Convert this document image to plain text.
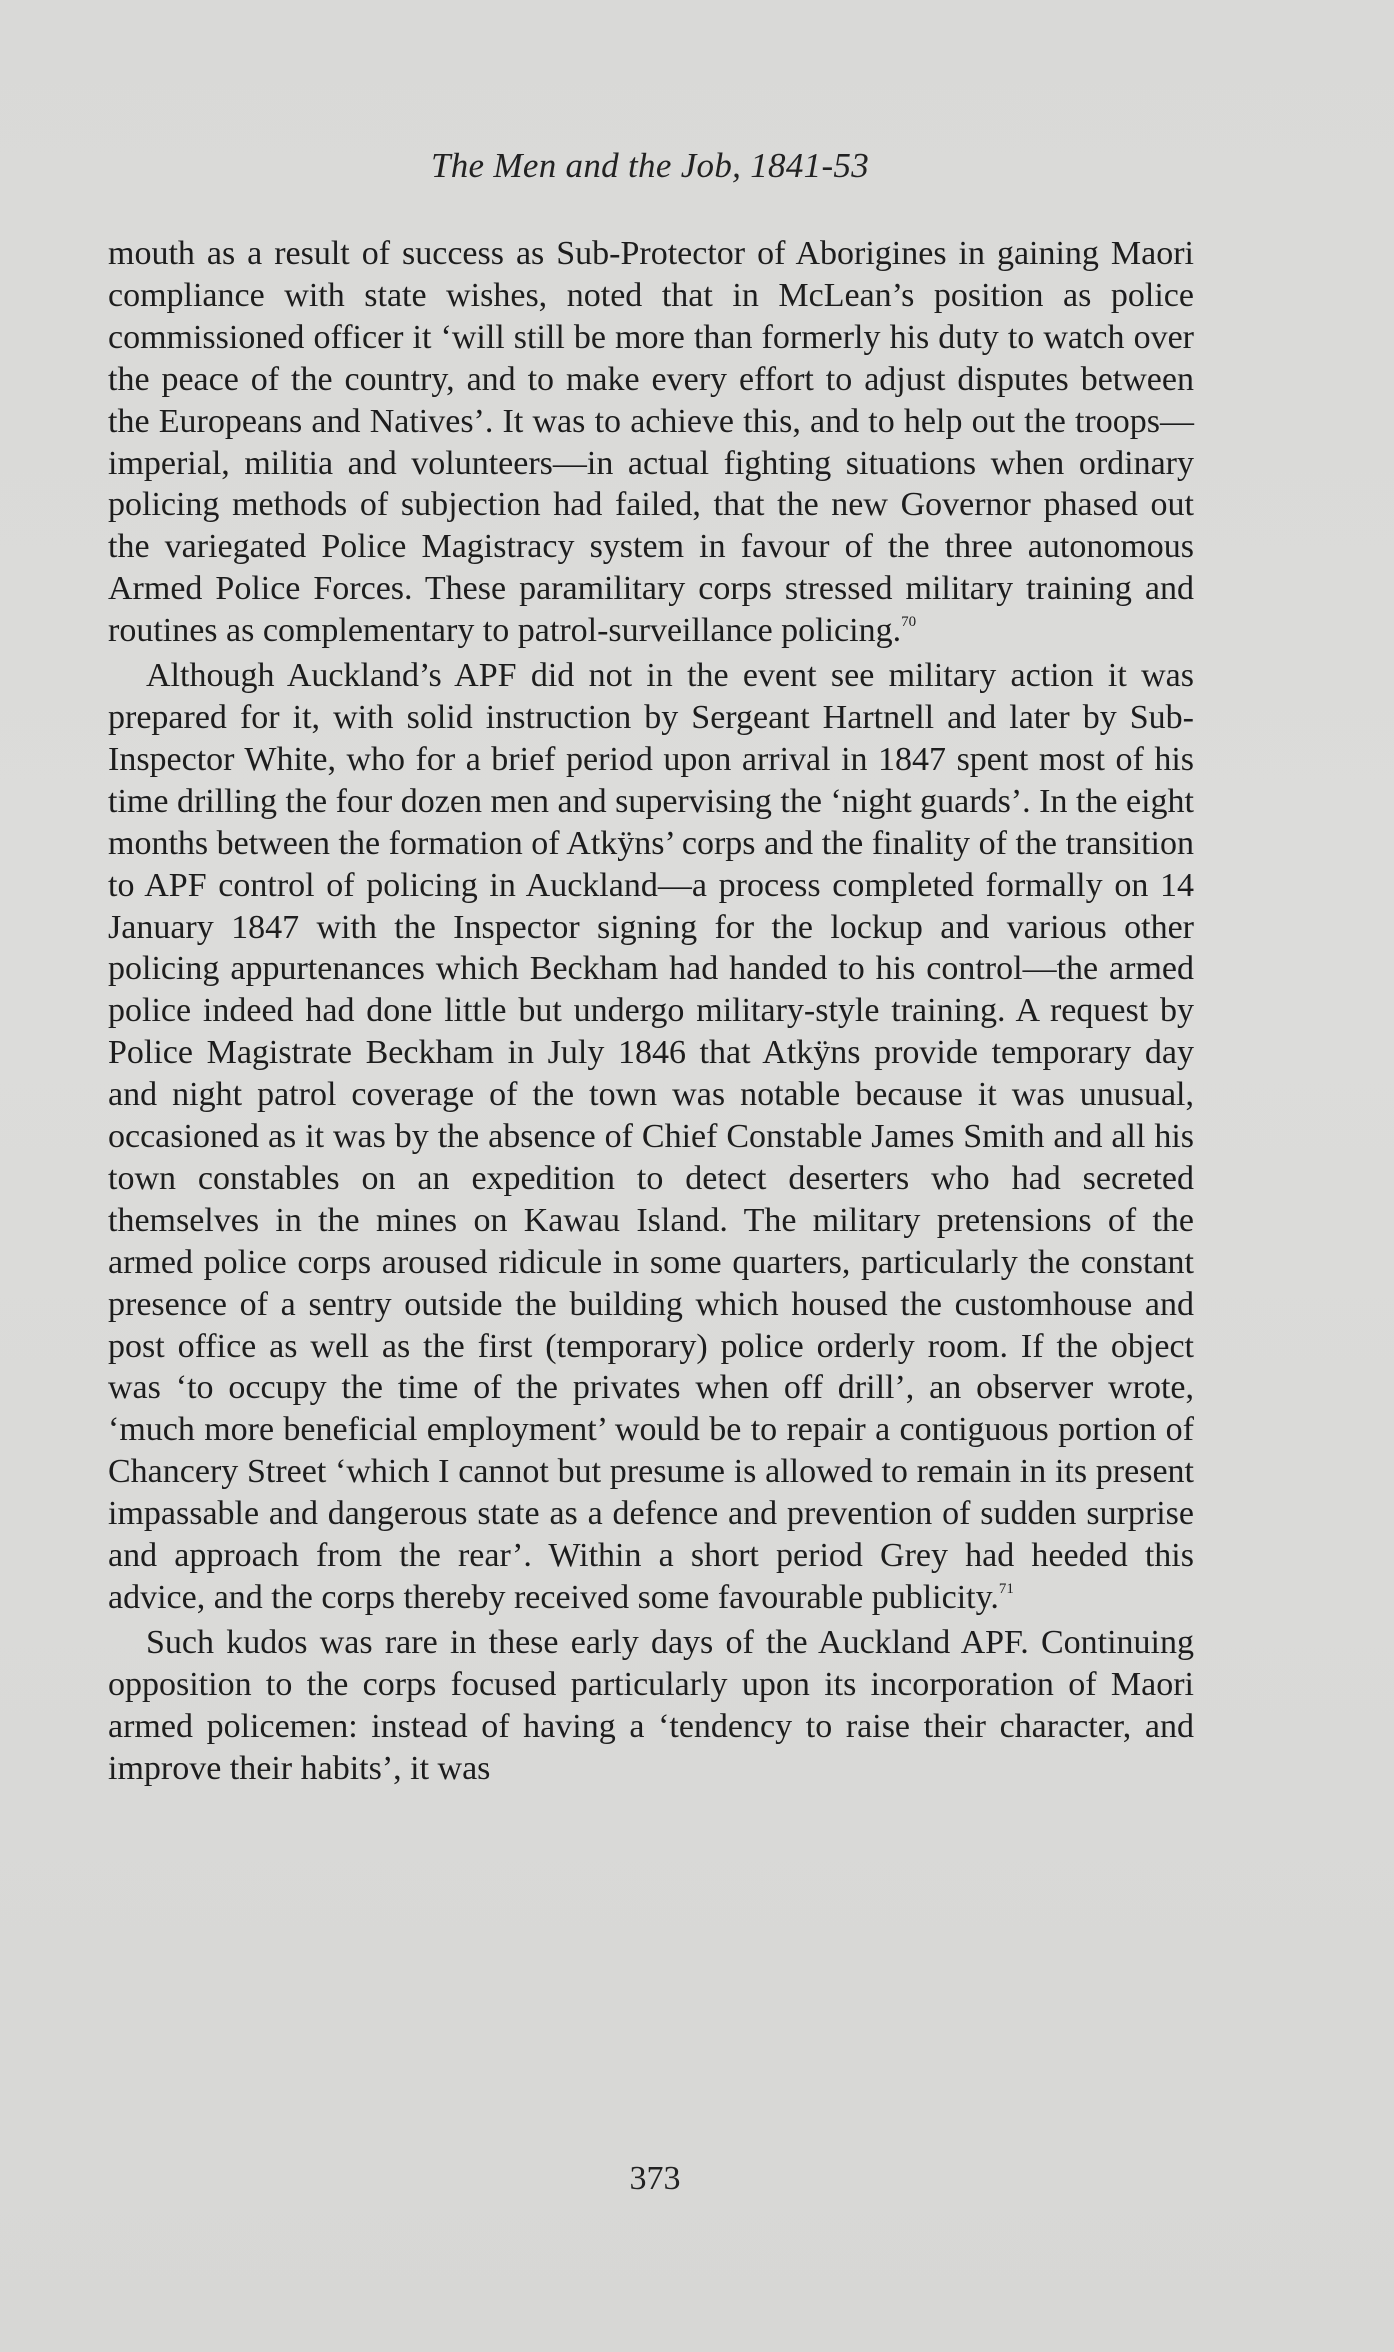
The Men and the Job, 1841-53

mouth as a result of success as Sub-Protector of Aborigines in gaining Maori compliance with state wishes, noted that in McLean’s position as police commissioned officer it ‘will still be more than formerly his duty to watch over the peace of the country, and to make every effort to adjust disputes between the Europeans and Natives’. It was to achieve this, and to help out the troops—imperial, militia and volunteers—in actual fighting situations when ordinary policing methods of subjection had failed, that the new Governor phased out the variegated Police Magistracy system in favour of the three autonomous Armed Police Forces. These paramilitary corps stressed military training and routines as complementary to patrol-surveillance policing.$^{70}$

Although Auckland’s APF did not in the event see military action it was prepared for it, with solid instruction by Sergeant Hartnell and later by Sub-Inspector White, who for a brief period upon arrival in 1847 spent most of his time drilling the four dozen men and supervising the ‘night guards’. In the eight months between the formation of Atkÿns’ corps and the finality of the transition to APF control of policing in Auckland—a process completed formally on 14 January 1847 with the Inspector signing for the lockup and various other policing appurtenances which Beckham had handed to his control—the armed police indeed had done little but undergo military-style training. A request by Police Magistrate Beckham in July 1846 that Atkÿns provide temporary day and night patrol coverage of the town was notable because it was unusual, occasioned as it was by the absence of Chief Constable James Smith and all his town constables on an expedition to detect deserters who had secreted themselves in the mines on Kawau Island. The military pretensions of the armed police corps aroused ridicule in some quarters, particularly the constant presence of a sentry outside the building which housed the customhouse and post office as well as the first (temporary) police orderly room. If the object was ‘to occupy the time of the privates when off drill’, an observer wrote, ‘much more beneficial employment’ would be to repair a contiguous portion of Chancery Street ‘which I cannot but presume is allowed to remain in its present impassable and dangerous state as a defence and prevention of sudden surprise and approach from the rear’. Within a short period Grey had heeded this advice, and the corps thereby received some favourable publicity.$^{71}$

Such kudos was rare in these early days of the Auckland APF. Continuing opposition to the corps focused particularly upon its incorporation of Maori armed policemen: instead of having a ‘tendency to raise their character, and improve their habits’, it was

373
